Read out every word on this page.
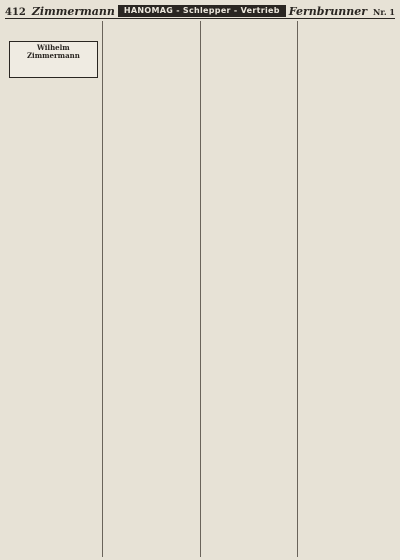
412 Zimmermann	HANOMAG - Schlepper - Vertrieb Fernbrunner Nr. 1

Wilhelm Zimmermann
